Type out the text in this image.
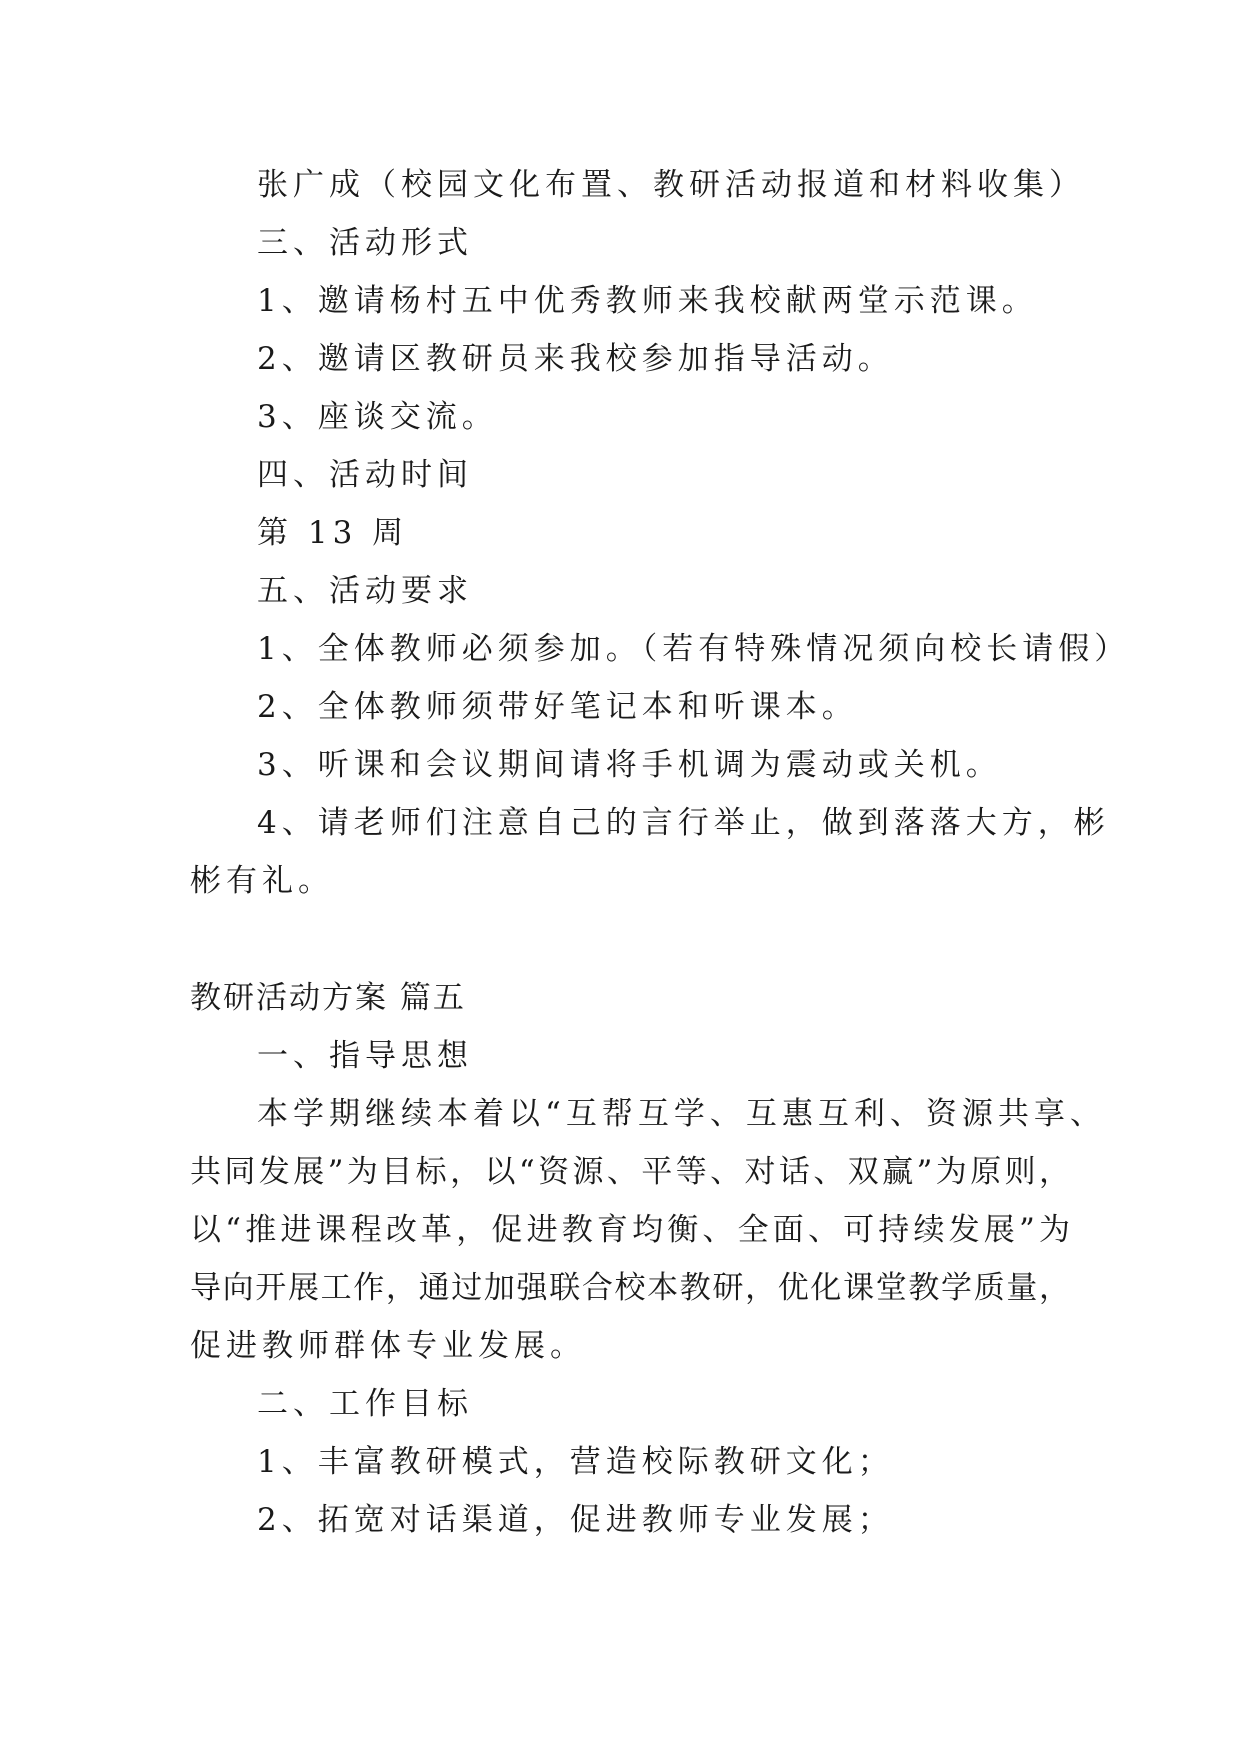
张广成（校园文化布置、教研活动报道和材料收集）
三、活动形式
1、邀请杨村五中优秀教师来我校献两堂示范课。
2、邀请区教研员来我校参加指导活动。
3、座谈交流。
四、活动时间
第 13 周
五、活动要求
1、全体教师必须参加。（若有特殊情况须向校长请假）
2、全体教师须带好笔记本和听课本。
3、听课和会议期间请将手机调为震动或关机。
4、请老师们注意自己的言行举止，做到落落大方，彬
彬有礼。
教研活动方案 篇五
一、指导思想
本学期继续本着以“互帮互学、互惠互利、资源共享、
共同发展”为目标，以“资源、平等、对话、双赢”为原则，
以“推进课程改革，促进教育均衡、全面、可持续发展”为
导向开展工作，通过加强联合校本教研，优化课堂教学质量，
促进教师群体专业发展。
二、工作目标
1、丰富教研模式，营造校际教研文化；
2、拓宽对话渠道，促进教师专业发展；
